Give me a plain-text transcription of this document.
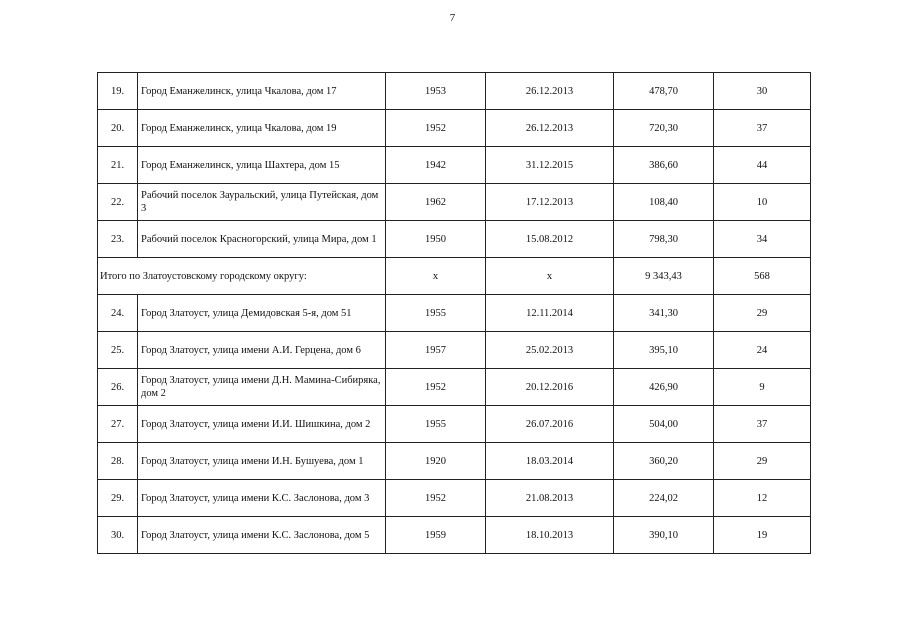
7
19.	Город Еманжелинск, улица Чкалова, дом 17	1953	26.12.2013	478,70	30
20.	Город Еманжелинск, улица Чкалова, дом 19	1952	26.12.2013	720,30	37
21.	Город Еманжелинск, улица Шахтера, дом 15	1942	31.12.2015	386,60	44
22.	Рабочий поселок Зауральский, улица Путейская, дом 3	1962	17.12.2013	108,40	10
23.	Рабочий поселок Красногорский, улица Мира, дом 1	1950	15.08.2012	798,30	34
Итого по Златоустовскому городскому округу:		x	x	9 343,43	568
24.	Город Златоуст, улица Демидовская 5-я, дом 51	1955	12.11.2014	341,30	29
25.	Город Златоуст, улица имени А.И. Герцена, дом 6	1957	25.02.2013	395,10	24
26.	Город Златоуст, улица имени Д.Н. Мамина-Сибиряка, дом 2	1952	20.12.2016	426,90	9
27.	Город Златоуст, улица имени И.И. Шишкина, дом 2	1955	26.07.2016	504,00	37
28.	Город Златоуст, улица имени И.Н. Бушуева, дом 1	1920	18.03.2014	360,20	29
29.	Город Златоуст, улица имени К.С. Заслонова, дом 3	1952	21.08.2013	224,02	12
30.	Город Златоуст, улица имени К.С. Заслонова, дом 5	1959	18.10.2013	390,10	19
